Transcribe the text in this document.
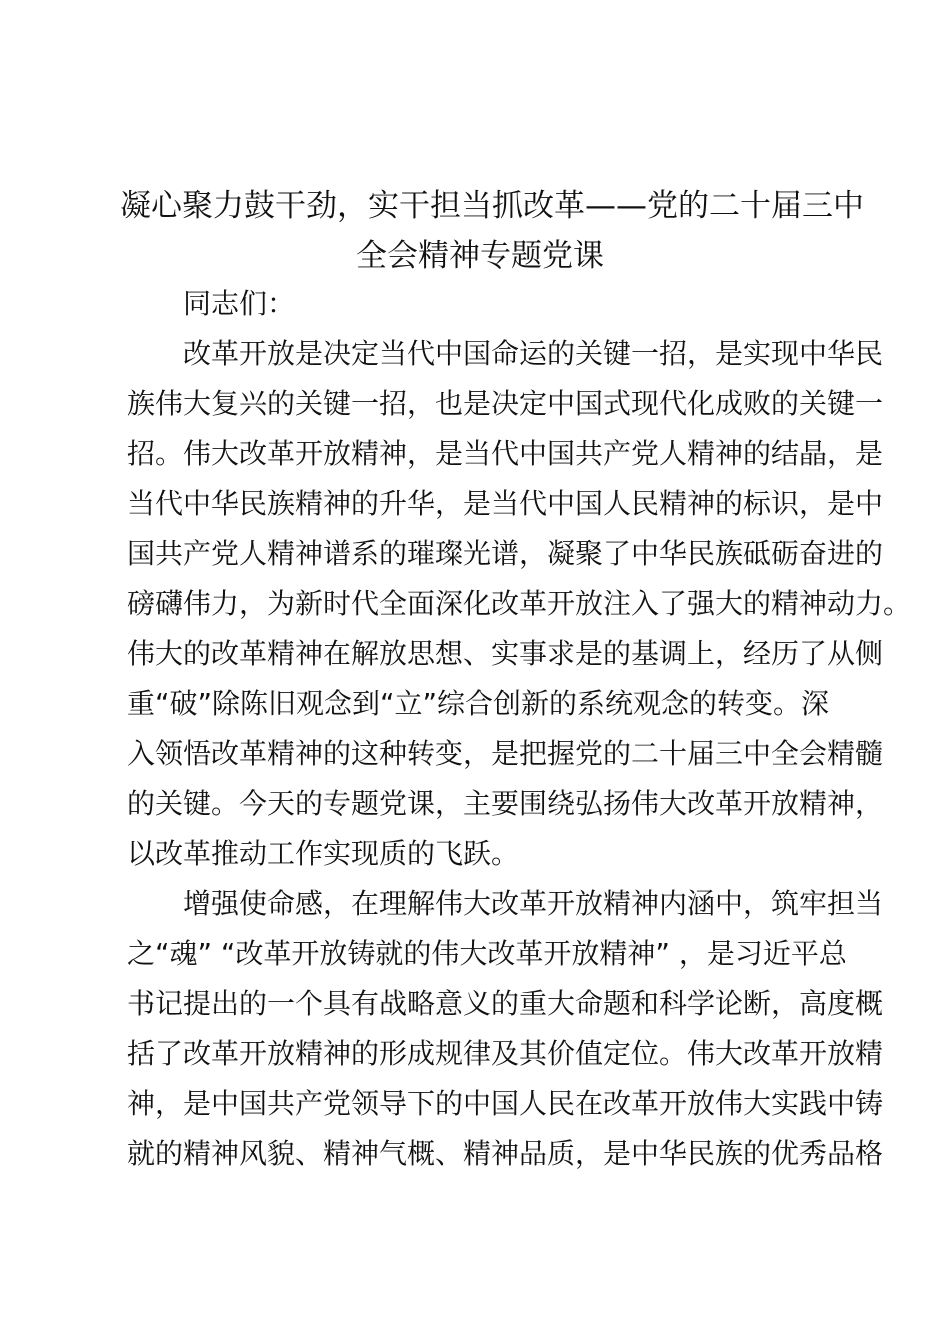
凝心聚力鼓干劲，实干担当抓改革——党的二十届三中
全会精神专题党课

同志们：

改革开放是决定当代中国命运的关键一招，是实现中华民

族伟大复兴的关键一招，也是决定中国式现代化成败的关键一

招。伟大改革开放精神，是当代中国共产党人精神的结晶，是

当代中华民族精神的升华，是当代中国人民精神的标识，是中

国共产党人精神谱系的璀璨光谱，凝聚了中华民族砥砺奋进的

磅礴伟力，为新时代全面深化改革开放注入了强大的精神动力。

伟大的改革精神在解放思想、实事求是的基调上，经历了从侧

重“破”除陈旧观念到“立”综合创新的系统观念的转变。深

入领悟改革精神的这种转变，是把握党的二十届三中全会精髓

的关键。今天的专题党课，主要围绕弘扬伟大改革开放精神，

以改革推动工作实现质的飞跃。

增强使命感，在理解伟大改革开放精神内涵中，筑牢担当

之“魂” “改革开放铸就的伟大改革开放精神” ，是习近平总

书记提出的一个具有战略意义的重大命题和科学论断，高度概

括了改革开放精神的形成规律及其价值定位。伟大改革开放精

神，是中国共产党领导下的中国人民在改革开放伟大实践中铸

就的精神风貌、精神气概、精神品质，是中华民族的优秀品格
